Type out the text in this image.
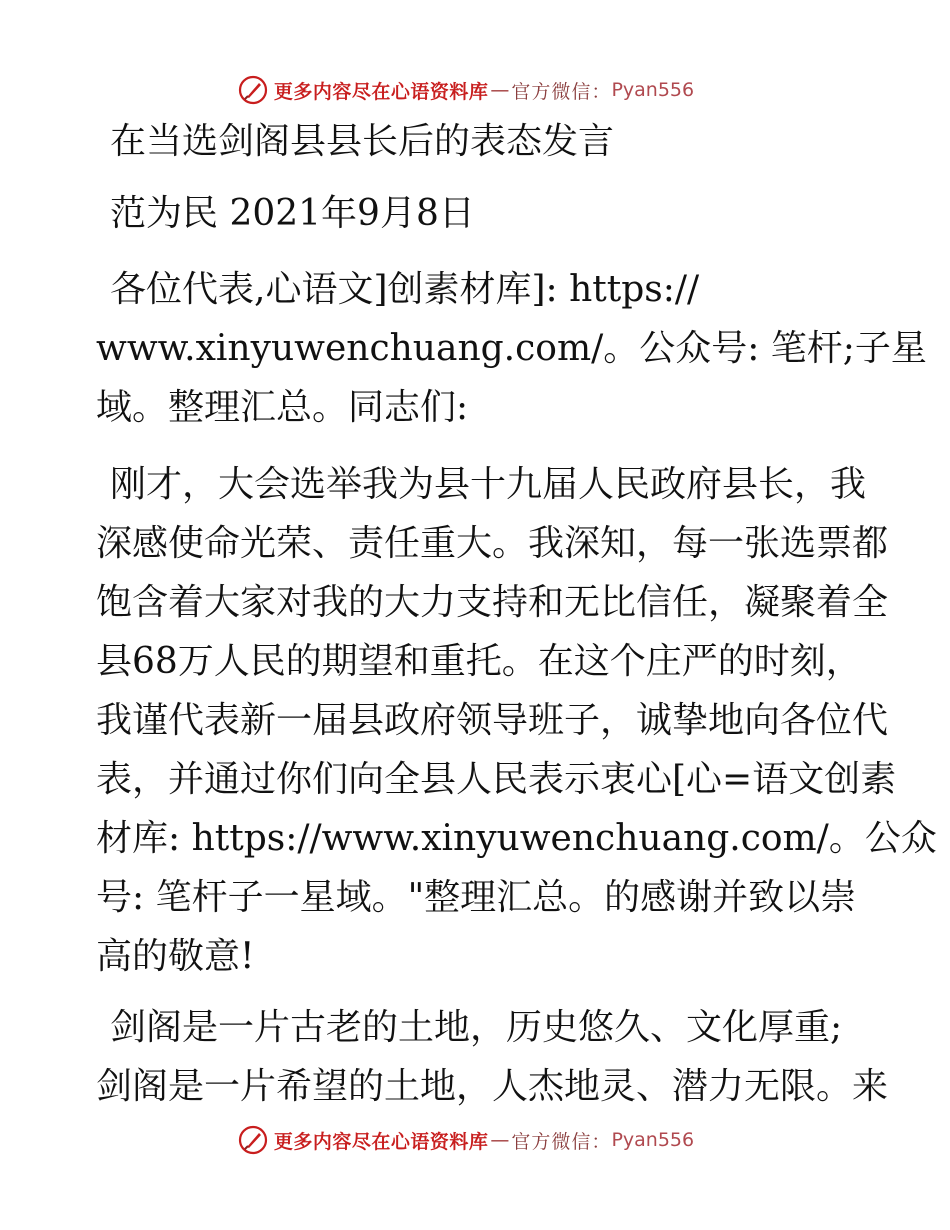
更多内容尽在心语资料库 — 官方微信： Pyan556
在当选剑阁县县长后的表态发言
范为民 2021年9月8日
各位代表,心语文]创素材库]: https://
www.xinyuwenchuang.com/。公众号: 笔杆;子星
域。整理汇总。同志们:
刚才，大会选举我为县十九届人民政府县长，我
深感使命光荣、责任重大。我深知，每一张选票都
饱含着大家对我的大力支持和无比信任，凝聚着全
县68万人民的期望和重托。在这个庄严的时刻，
我谨代表新一届县政府领导班子，诚挚地向各位代
表，并通过你们向全县人民表示衷心[心=语文创素
材库: https://www.xinyuwenchuang.com/。公众
号: 笔杆子一星域。"整理汇总。的感谢并致以崇
高的敬意!
剑阁是一片古老的土地，历史悠久、文化厚重;
剑阁是一片希望的土地，人杰地灵、潜力无限。来
更多内容尽在心语资料库 — 官方微信： Pyan556
